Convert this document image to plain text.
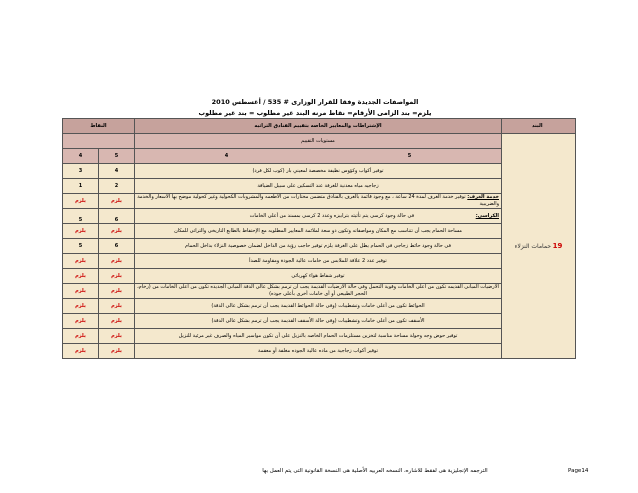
المواصفات الجديدة وفقا للقرار الوزارى # 535 / أغسطس 2010
يلزم= بند الزامى الأرقام= نقاط مرنه البند غير مطلوب = بند غير مطلوب
البند	الإشتراطات والمعايير الخاصه بتقييم الفنادق التراثيه	النقاط	
19 حمامات النزلاء	مستويات التقييم		

	5
4	5	4
	توفير أكواب وكؤوس نظيفة مخصصة لمعيني بار (كوب لكل فرد)	4	3
	زجاجيه مياه معدنية للغرفة عند التسكين على سبيل الضيافة	2	1
	خدمة الغرف: توفير خدمة الغرف لمدة 24 ساعة ، مع وجود قائمة بالغرف بالفنادق متضمن مختارات من الأطعمه والمشروبات الكحولية وغير كحولية موضح بها الأسعار والخدمة والضريبية	يلزم	يلزم
	الكراسى: فى حالة وجود كرسى يتم تأثيثه بترابيزه وعدد 2 كرسى بمسند من أعلى الخامات	6	5
	مساحة الحمام يجب أن تتناسب مع المكان ومواصفاته وتكون ذو سعة لملائمة المعايير المطلوبه مع الإحتفاظ بالطابع التاريخى والتراثى للمكان	يلزم	يلزم
	فى حالة وجود حائط زجاجى فى الحمام يطل على الغرفة يلزم توفير حاجب رؤية من الداخل لضمان خصوصية النزلاء بداخل الحمام	6	5
	توفير عدد 2 علاقة للملابس من خامات عالية الجودة ومقاومة للصدأ	يلزم	يلزم
	توفير شفاط هواء كهربائى	يلزم	يلزم
	الأرضيات المبانى القديمه تكون من أعلى الخامات وقوية التحمل وفى حالة الارضيات القديمة يجب أن ترمم بشكل عالى الدقة المبانى الجديده تكون من أعلى الخامات من (رخام، الحجر الطبيعى أو أى خامات أخرى بأعلى جوده)	يلزم	يلزم
	الحوائط تكون من أعلى خامات وتشطيبات (وفى حالة الحوائط القديمة يجب أن ترمم بشكل عالى الدقة)	يلزم	يلزم
	الأسقف تكون من أعلى خامات وتشطيبات (وفى حالة الأسقف القديمة يجب أن ترمم بشكل عالى الدقة)	يلزم	يلزم
	توفير حوض وجه وحولة مساحة مناسبة لتخزين مستلزمات الحمام الخاصه بالنزيل على أن تكون مواسير المياه والصرف غير مرئية للنزيل	يلزم	يلزم
	توفير أكواب زجاجية من ماده عالية الجوده مغلفة أو معقمة	يلزم	يلزم
الترجمه الإنجليزية هى لفقط للاشاره، النسخه العربيه الأصلية هى النسخة القانونية التى يتم العمل بها	Page14
